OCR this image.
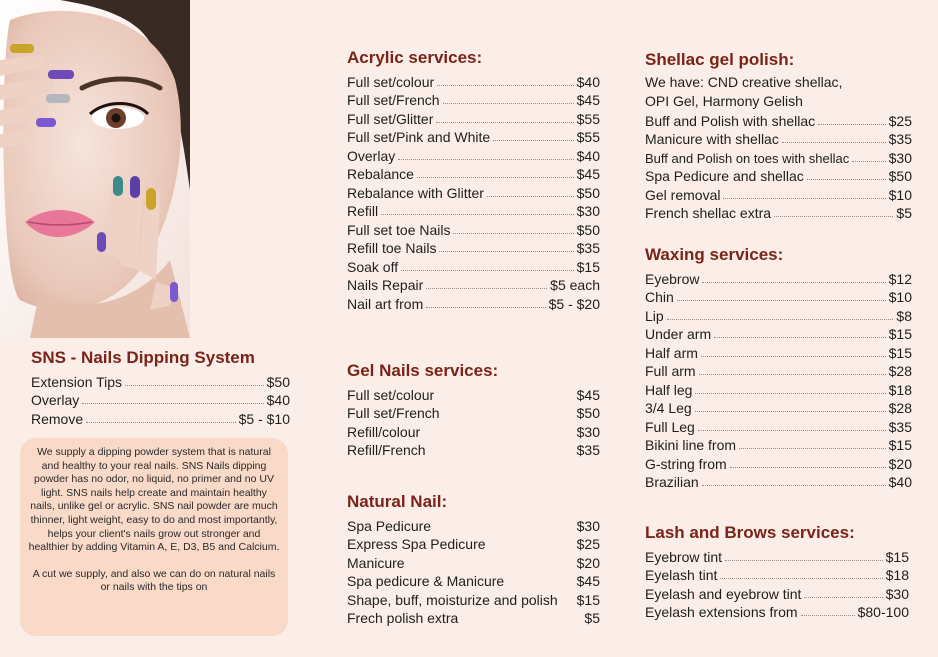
SNS - Nails Dipping System
Extension Tips	$50
Overlay	$40
Remove	$5 - $10

We supply a dipping powder system that is natural and healthy to your real nails. SNS Nails dipping powder has no odor, no liquid, no primer and no UV light. SNS nails help create and maintain healthy nails, unlike gel or acrylic. SNS nail powder are much thinner, light weight, easy to do and most importantly, helps your client's nails grow out stronger and healthier by adding Vitamin A, E, D3, B5 and Calcium.

A cut we supply, and also we can do on natural nails or nails with the tips on

Acrylic services:
Full set/colour	$40
Full set/French	$45
Full set/Glitter	$55
Full set/Pink and White	$55
Overlay	$40
Rebalance	$45
Rebalance with Glitter	$50
Refill	$30
Full set toe Nails	$50
Refill toe Nails	$35
Soak off	$15
Nails Repair	$5 each
Nail art from	$5 - $20
Gel Nails services:
Full set/colour	$45
Full set/French	$50
Refill/colour	$30
Refill/French	$35
Natural Nail:
Spa Pedicure	$30
Express Spa Pedicure	$25
Manicure	$20
Spa pedicure & Manicure	$45
Shape, buff, moisturize and polish $15
Frech polish extra	$5
Shellac gel polish:
We have: CND creative shellac,
OPI Gel, Harmony Gelish
Buff and Polish with shellac	$25
Manicure with shellac	$35
Buff and Polish on toes with shellac	$30
Spa Pedicure and shellac	$50
Gel removal	$10
French shellac extra	$5
Waxing services:
Eyebrow	$12
Chin	$10
Lip	$8
Under arm	$15
Half arm	$15
Full arm	$28
Half leg	$18
3/4 Leg	$28
Full Leg	$35
Bikini line from	$15
G-string from	$20
Brazilian	$40
Lash and Brows services:
Eyebrow tint	$15
Eyelash tint	$18
Eyelash and eyebrow tint	$30
Eyelash extensions from	$80-100
